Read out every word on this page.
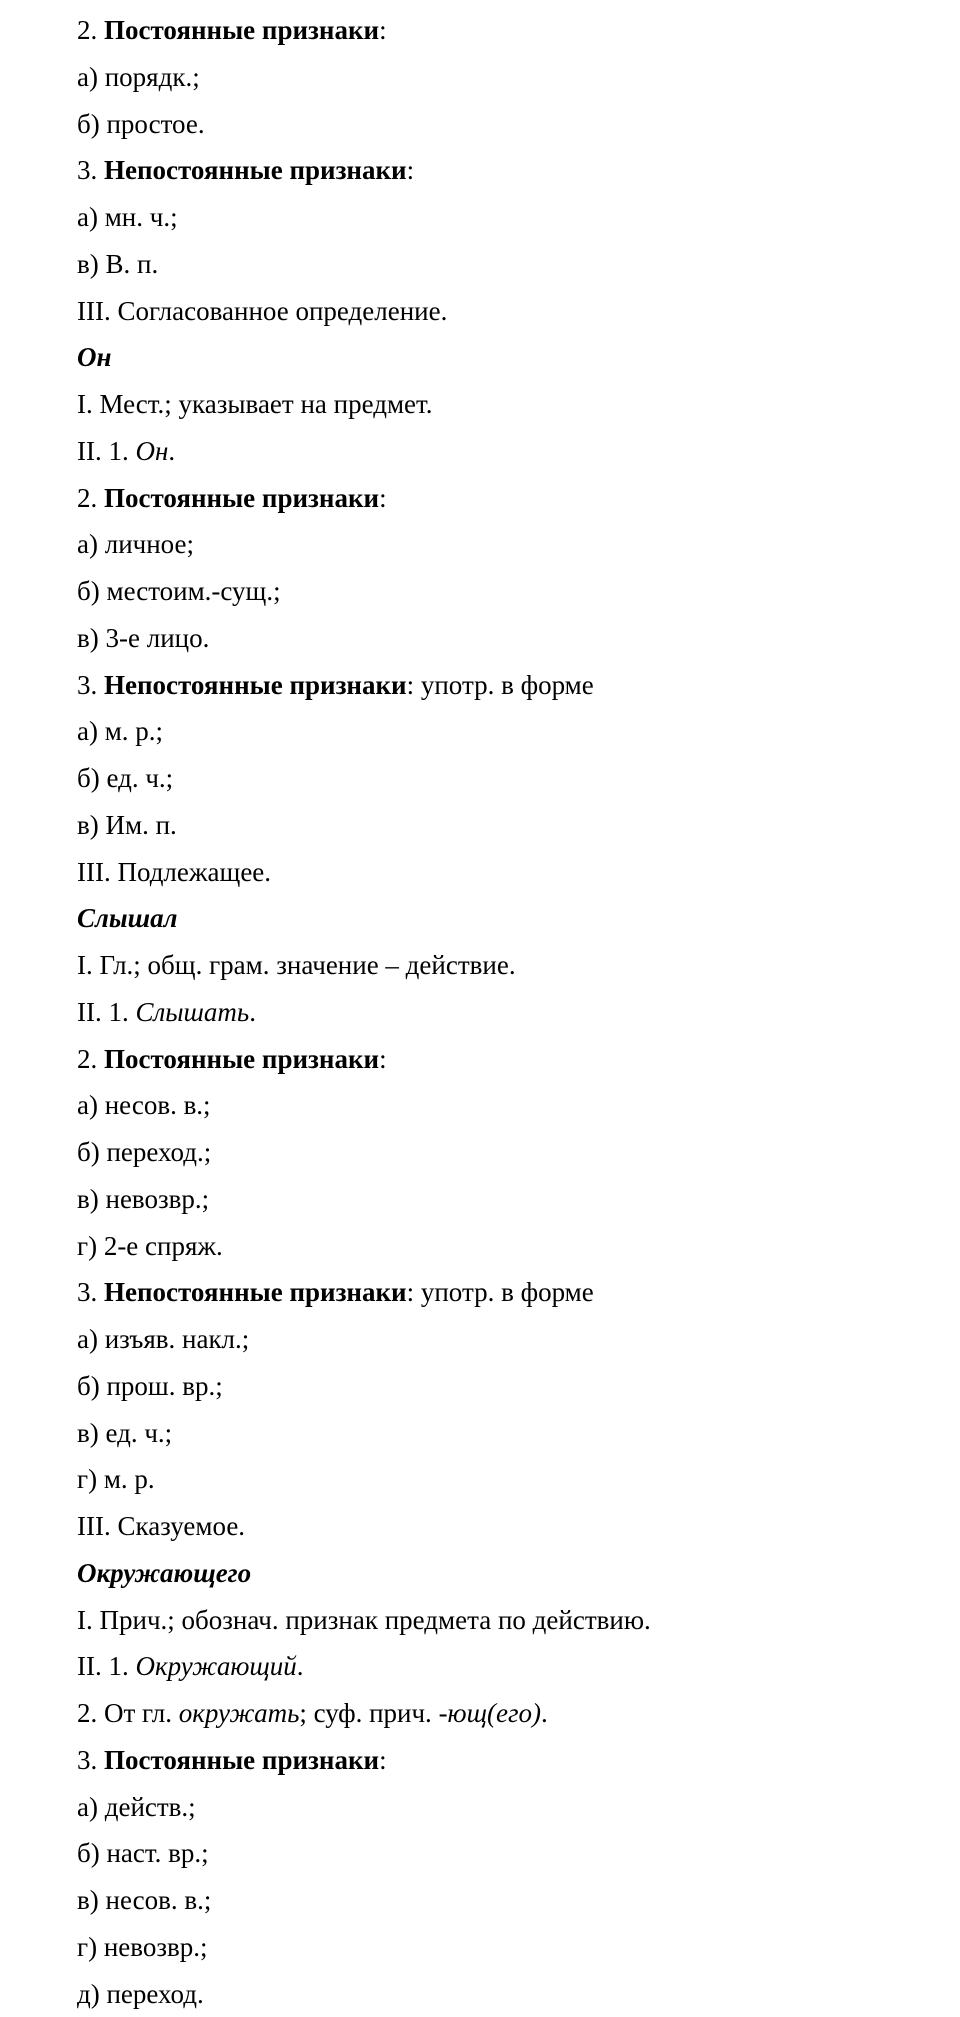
2. Постоянные признаки:
а) порядк.;
б) простое.
3. Непостоянные признаки:
а) мн. ч.;
в) В. п.
III. Согласованное определение.
Он
I. Мест.; указывает на предмет.
II. 1. Он.
2. Постоянные признаки:
а) личное;
б) местоим.-сущ.;
в) 3-е лицо.
3. Непостоянные признаки: употр. в форме
а) м. р.;
б) ед. ч.;
в) Им. п.
III. Подлежащее.
Слышал
I. Гл.; общ. грам. значение – действие.
II. 1. Слышать.
2. Постоянные признаки:
а) несов. в.;
б) переход.;
в) невозвр.;
г) 2-е спряж.
3. Непостоянные признаки: употр. в форме
а) изъяв. накл.;
б) прош. вр.;
в) ед. ч.;
г) м. р.
III. Сказуемое.
Окружающего
I. Прич.; обознач. признак предмета по действию.
II. 1. Окружающий.
2. От гл. окружать; суф. прич. -ющ(его).
3. Постоянные признаки:
а) действ.;
б) наст. вр.;
в) несов. в.;
г) невозвр.;
д) переход.
